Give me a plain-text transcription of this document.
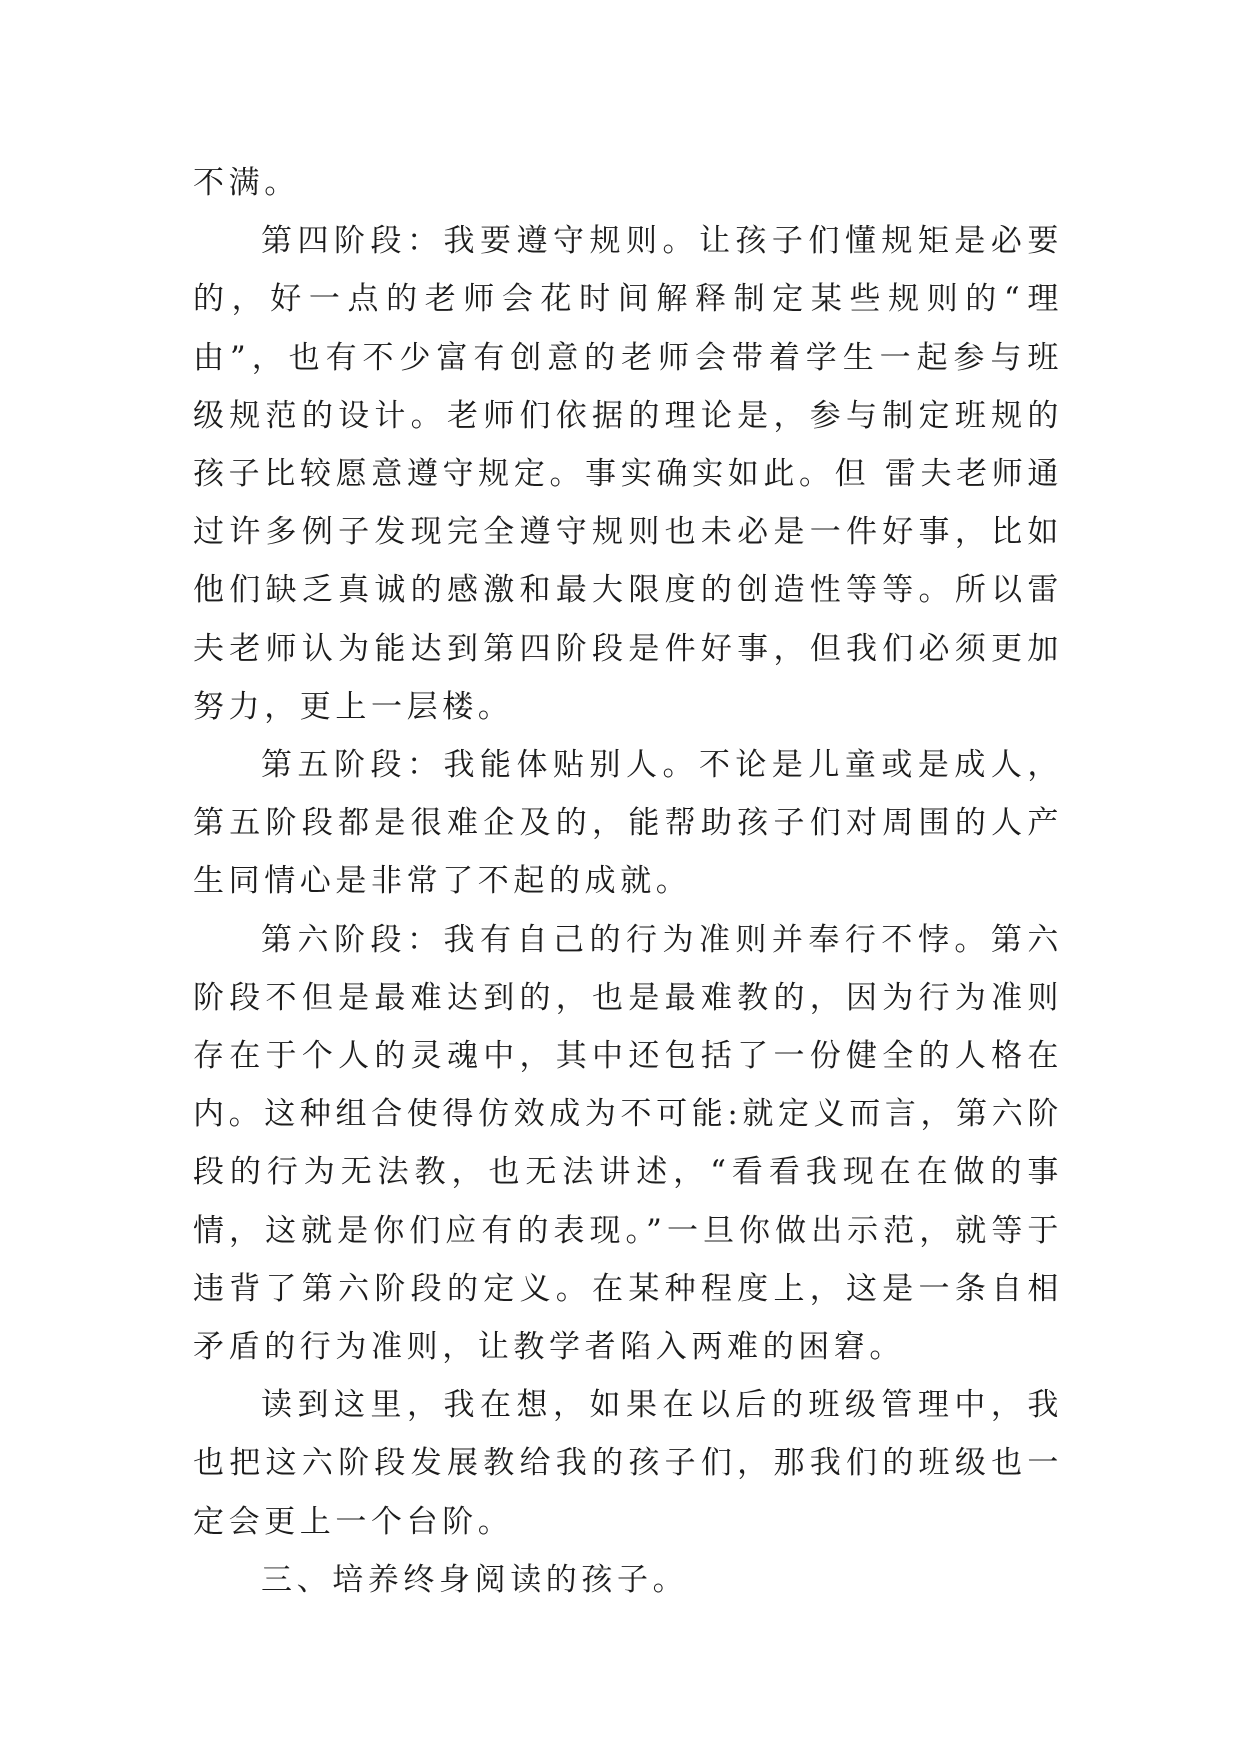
不满。

第四阶段：我要遵守规则。让孩子们懂规矩是必要的，好一点的老师会花时间解释制定某些规则的“理由”，也有不少富有创意的老师会带着学生一起参与班级规范的设计。老师们依据的理论是，参与制定班规的孩子比较愿意遵守规定。事实确实如此。但 雷夫老师通过许多例子发现完全遵守规则也未必是一件好事，比如他们缺乏真诚的感激和最大限度的创造性等等。所以雷夫老师认为能达到第四阶段是件好事，但我们必须更加努力，更上一层楼。

第五阶段：我能体贴别人。不论是儿童或是成人，第五阶段都是很难企及的，能帮助孩子们对周围的人产生同情心是非常了不起的成就。

第六阶段：我有自己的行为准则并奉行不悖。第六阶段不但是最难达到的，也是最难教的，因为行为准则存在于个人的灵魂中，其中还包括了一份健全的人格在内。这种组合使得仿效成为不可能:就定义而言，第六阶段的行为无法教，也无法讲述，“看看我现在在做的事情，这就是你们应有的表现。”一旦你做出示范，就等于违背了第六阶段的定义。在某种程度上，这是一条自相矛盾的行为准则，让教学者陷入两难的困窘。

读到这里，我在想，如果在以后的班级管理中，我也把这六阶段发展教给我的孩子们，那我们的班级也一定会更上一个台阶。

三、培养终身阅读的孩子。
